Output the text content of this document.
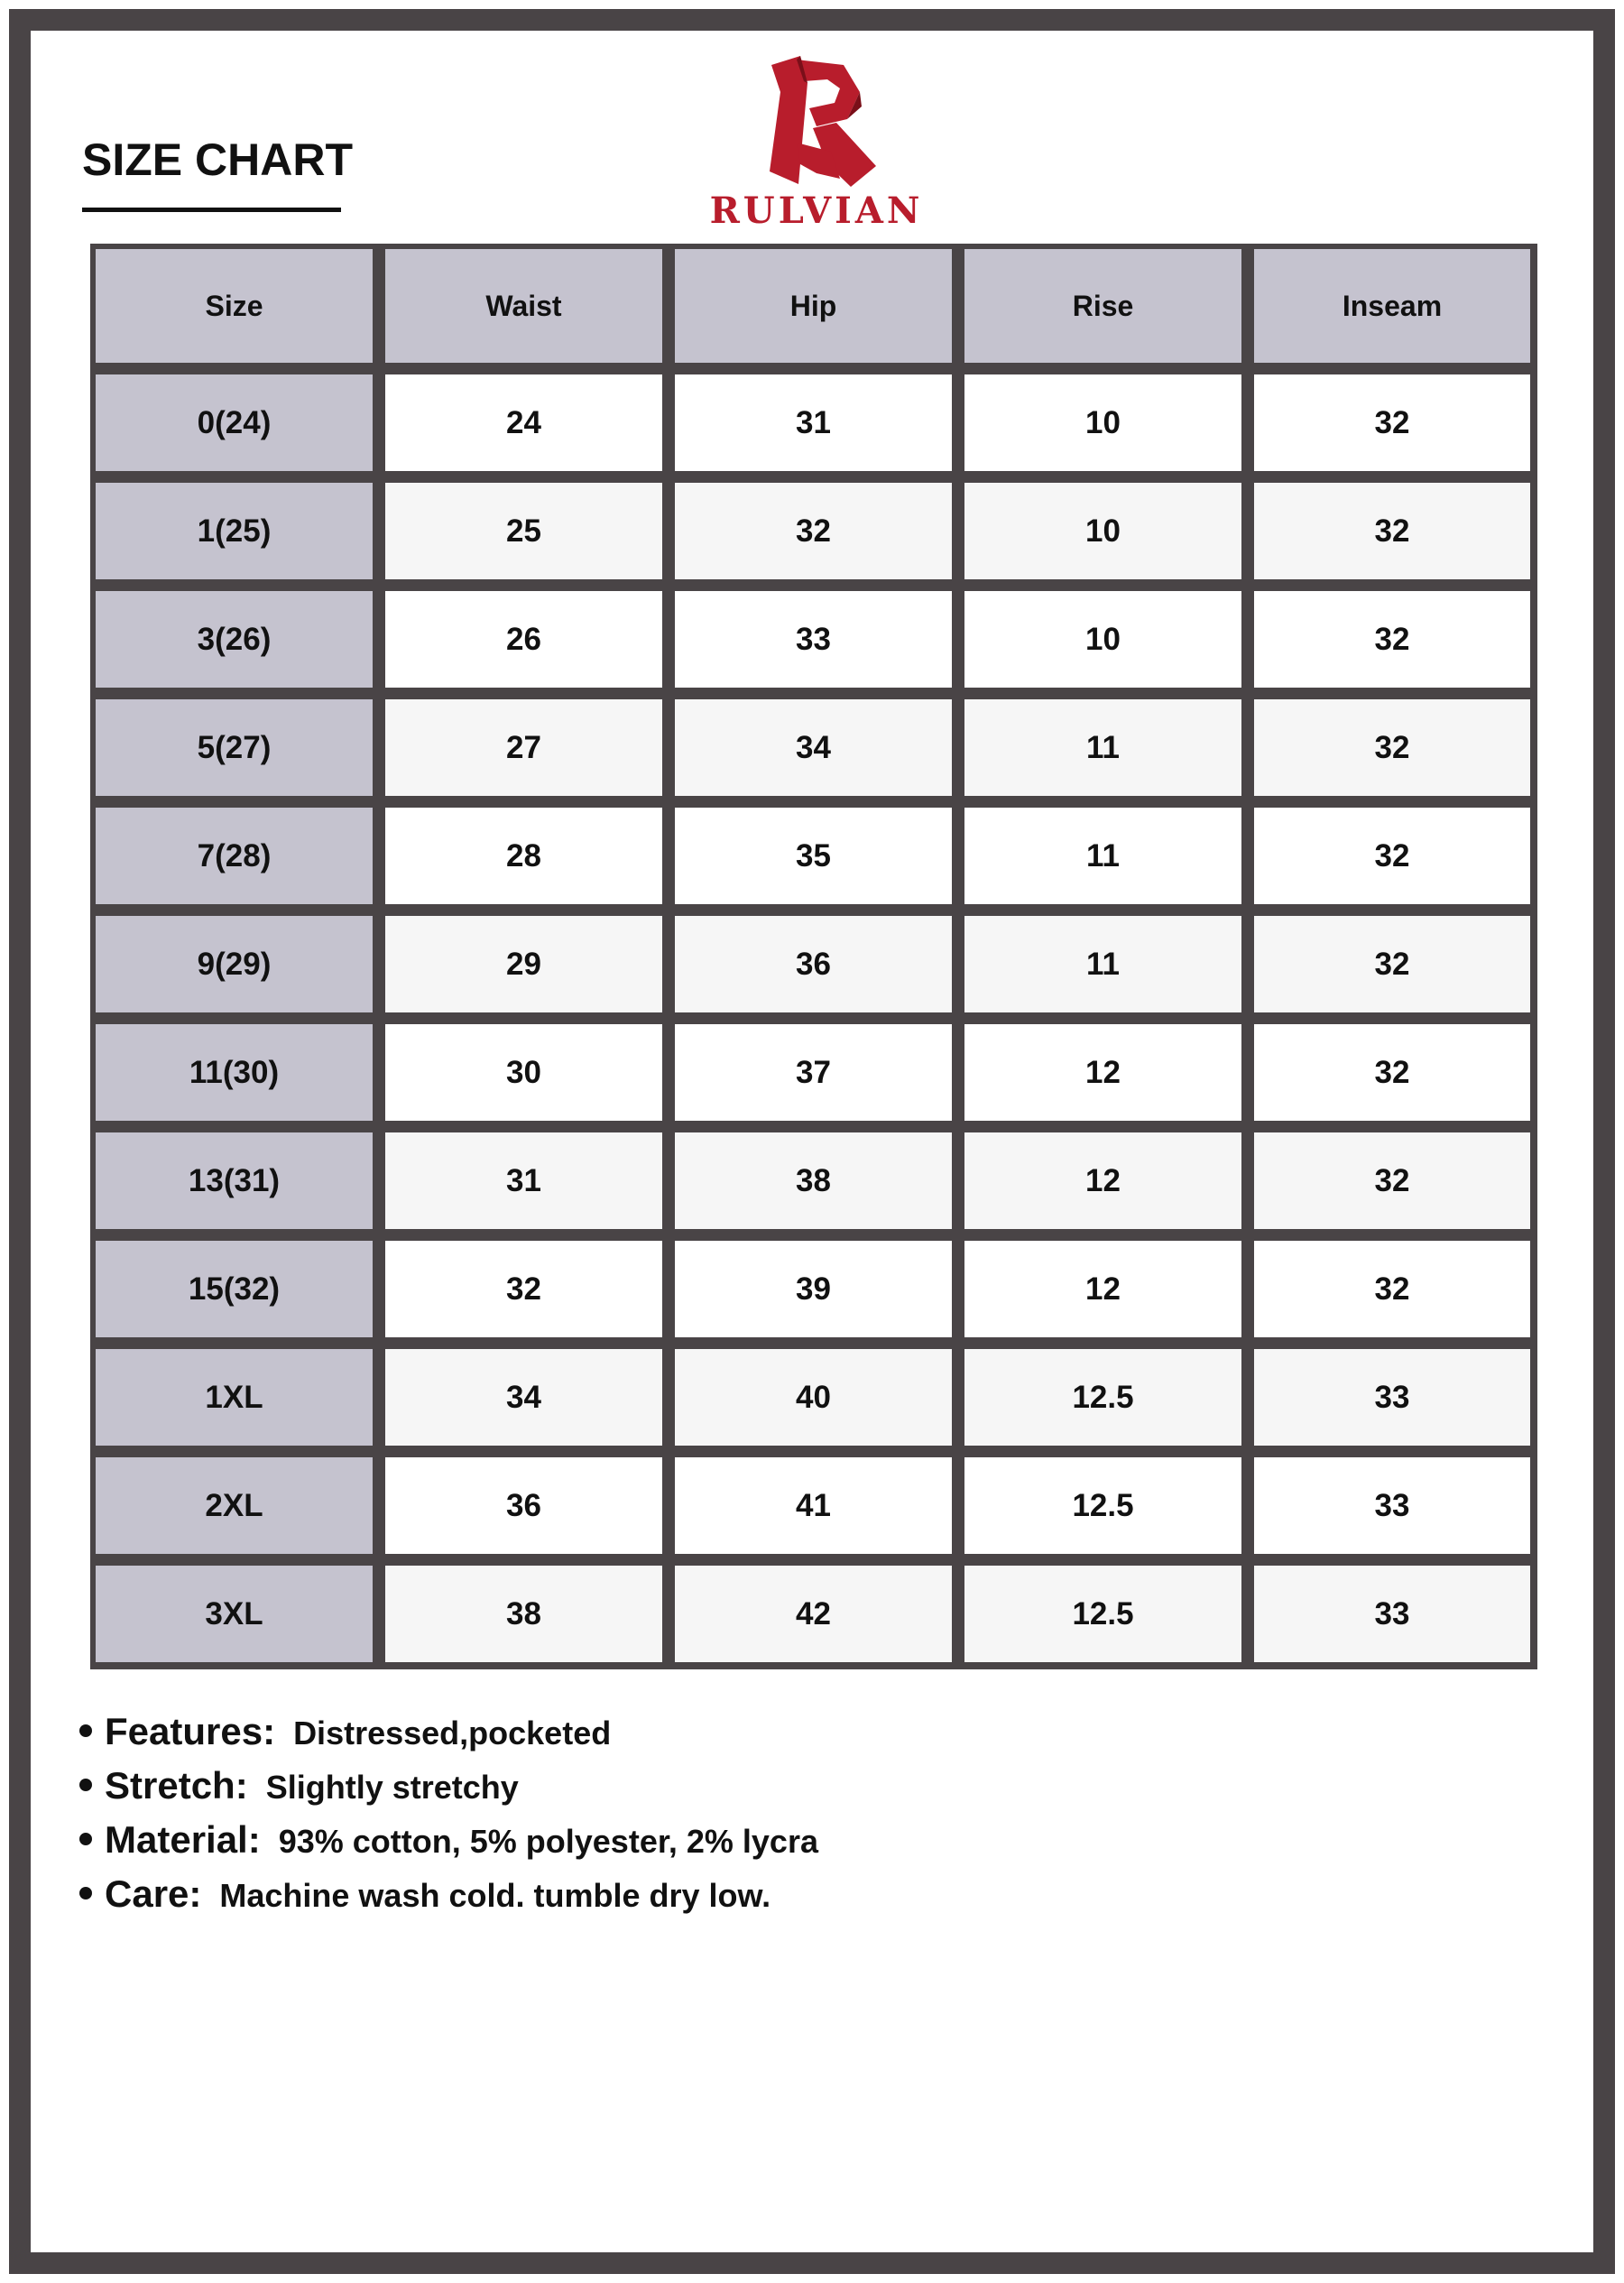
SIZE CHART
RULVIAN
Size	Waist	Hip	Rise	Inseam
0(24)	24	31	10	32
1(25)	25	32	10	32
3(26)	26	33	10	32
5(27)	27	34	11	32
7(28)	28	35	11	32
9(29)	29	36	11	32
11(30)	30	37	12	32
13(31)	31	38	12	32
15(32)	32	39	12	32
1XL	34	40	12.5	33
2XL	36	41	12.5	33
3XL	38	42	12.5	33
Features: Distressed,pocketed
Stretch: Slightly stretchy
Material: 93% cotton, 5% polyester, 2% lycra
Care: Machine wash cold. tumble dry low.
